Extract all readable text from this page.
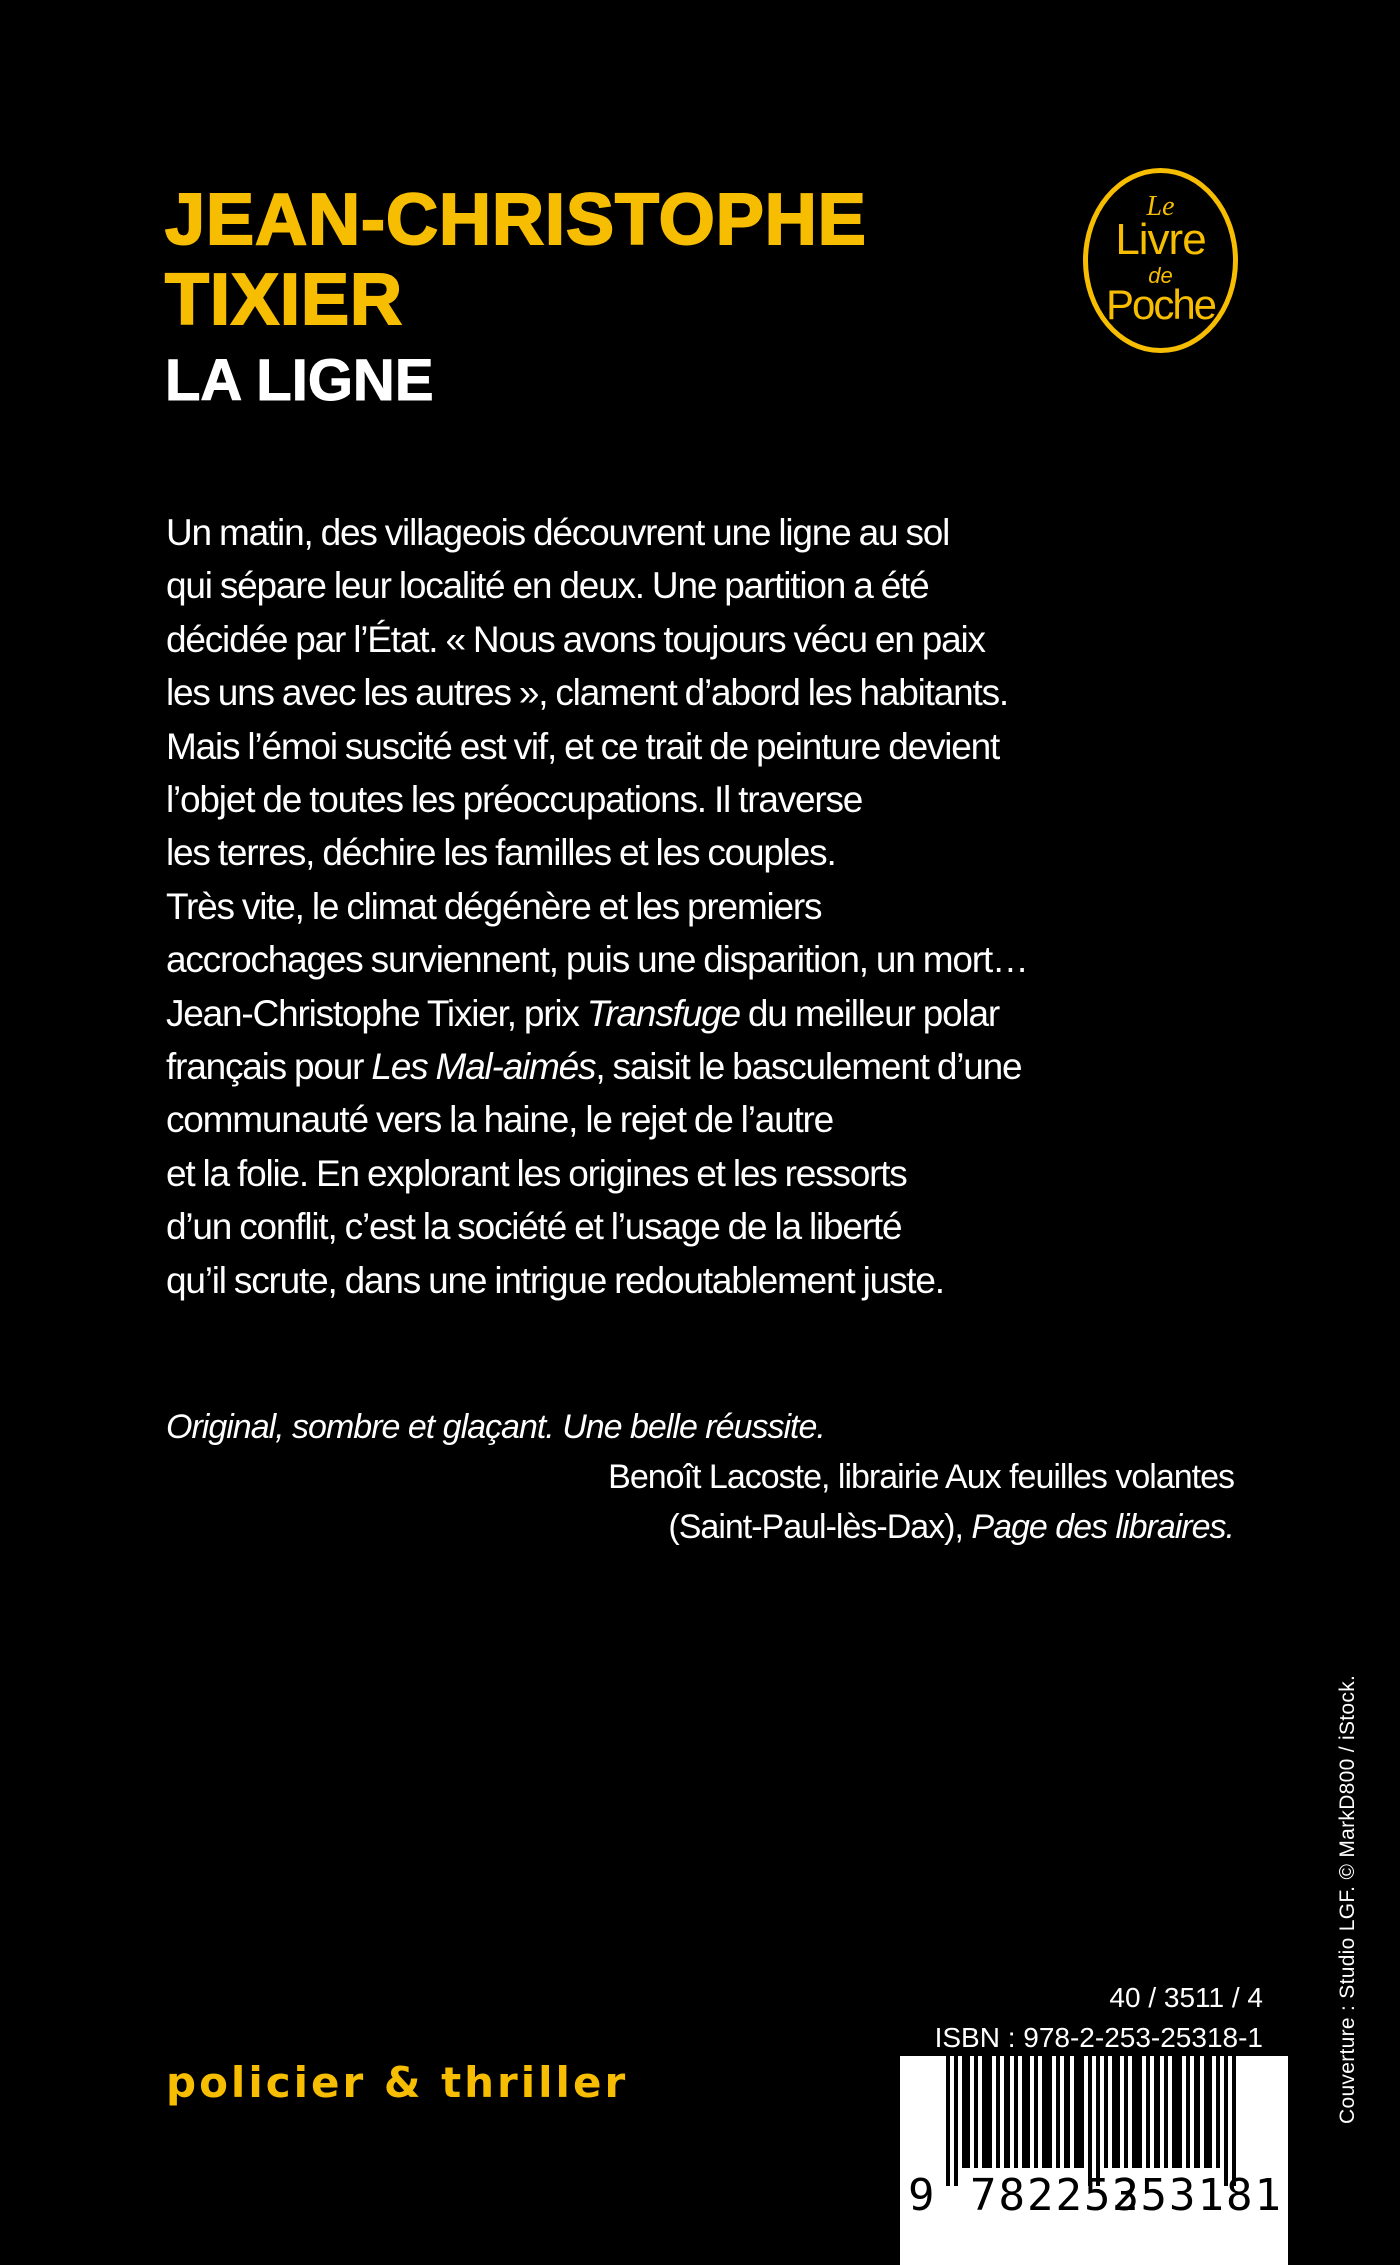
JEAN-CHRISTOPHE
TIXIER
LA LIGNE
Le
Livre
de
Poche

Un matin, des villageois découvrent une ligne au sol
qui sépare leur localité en deux. Une partition a été
décidée par l’État. « Nous avons toujours vécu en paix
les uns avec les autres », clament d’abord les habitants.
Mais l’émoi suscité est vif, et ce trait de peinture devient
l’objet de toutes les préoccupations. Il traverse
les terres, déchire les familles et les couples.
Très vite, le climat dégénère et les premiers
accrochages surviennent, puis une disparition, un mort…
Jean-Christophe Tixier, prix Transfuge du meilleur polar
français pour Les Mal-aimés, saisit le basculement d’une
communauté vers la haine, le rejet de l’autre
et la folie. En explorant les origines et les ressorts
d’un conflit, c’est la société et l’usage de la liberté
qu’il scrute, dans une intrigue redoutablement juste.

Original, sombre et glaçant. Une belle réussite.

Benoît Lacoste, librairie Aux feuilles volantes
(Saint-Paul-lès-Dax), Page des libraires.

policier & thriller

40 / 3511 / 4
ISBN : 978-2-253-25318-1
9 782253
253181
Couverture : Studio LGF. © MarkD800 / iStock.
